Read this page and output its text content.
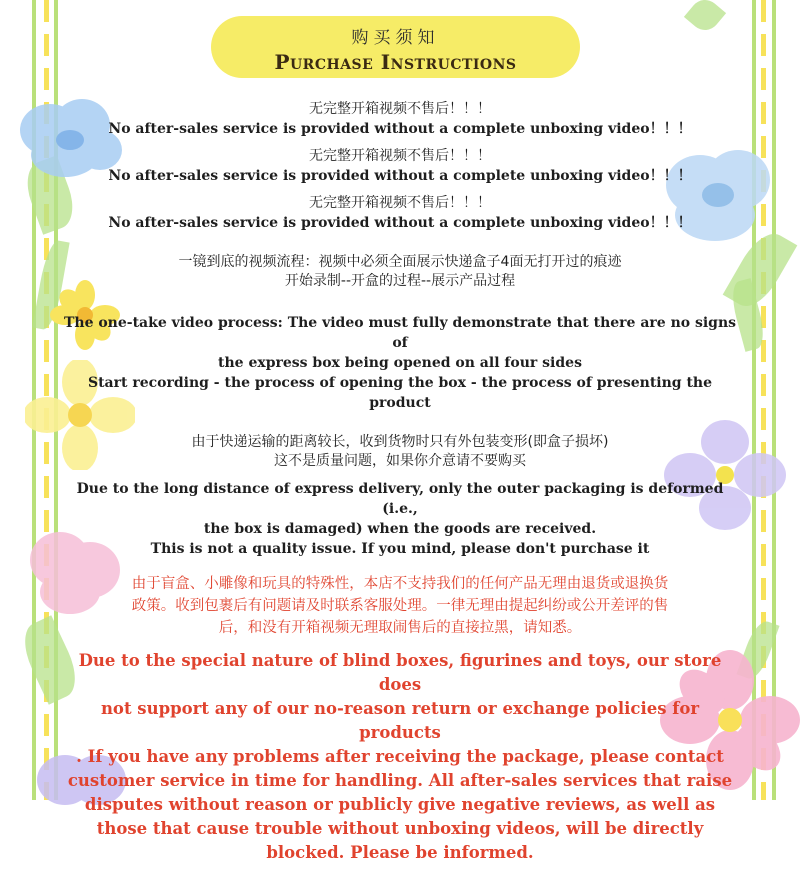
购买须知
Purchase Instructions
无完整开箱视频不售后！！！
No after-sales service is provided without a complete unboxing video！！！
无完整开箱视频不售后！！！
No after-sales service is provided without a complete unboxing video！！！
无完整开箱视频不售后！！！
No after-sales service is provided without a complete unboxing video！！！
一镜到底的视频流程：视频中必须全面展示快递盒子4面无打开过的痕迹
开始录制--开盒的过程--展示产品过程
The one-take video process: The video must fully demonstrate that there are no signs of
the express box being opened on all four sides
Start recording - the process of opening the box - the process of presenting the product
由于快递运输的距离较长，收到货物时只有外包装变形(即盒子损坏)
这不是质量问题，如果你介意请不要购买
Due to the long distance of express delivery, only the outer packaging is deformed (i.e.,
the box is damaged) when the goods are received.
This is not a quality issue. If you mind, please don't purchase it
由于盲盒、小雕像和玩具的特殊性，本店不支持我们的任何产品无理由退货或退换货
政策。收到包裹后有问题请及时联系客服处理。一律无理由提起纠纷或公开差评的售
后，和没有开箱视频无理取闹售后的直接拉黑，请知悉。
Due to the special nature of blind boxes, figurines and toys, our store does
not support any of our no-reason return or exchange policies for products
. If you have any problems after receiving the package, please contact
customer service in time for handling. All after-sales services that raise
disputes without reason or publicly give negative reviews, as well as
those that cause trouble without unboxing videos, will be directly
blocked. Please be informed.
